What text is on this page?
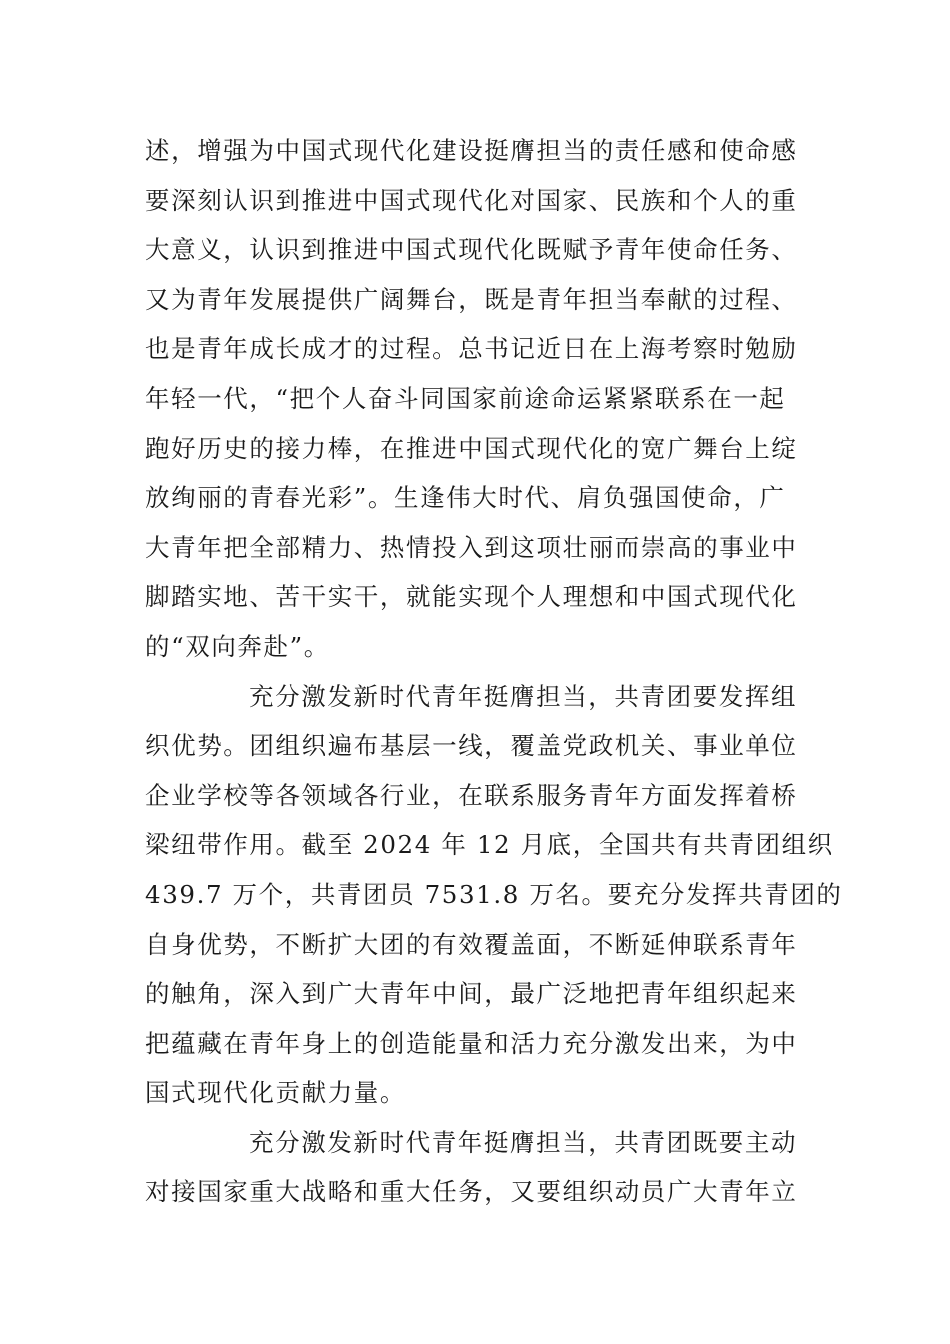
述，增强为中国式现代化建设挺膺担当的责任感和使命感
要深刻认识到推进中国式现代化对国家、民族和个人的重
大意义，认识到推进中国式现代化既赋予青年使命任务、
又为青年发展提供广阔舞台，既是青年担当奉献的过程、
也是青年成长成才的过程。总书记近日在上海考察时勉励
年轻一代，“把个人奋斗同国家前途命运紧紧联系在一起
跑好历史的接力棒，在推进中国式现代化的宽广舞台上绽
放绚丽的青春光彩”。生逢伟大时代、肩负强国使命，广
大青年把全部精力、热情投入到这项壮丽而崇高的事业中
脚踏实地、苦干实干，就能实现个人理想和中国式现代化
的“双向奔赴”。
充分激发新时代青年挺膺担当，共青团要发挥组
织优势。团组织遍布基层一线，覆盖党政机关、事业单位
企业学校等各领域各行业，在联系服务青年方面发挥着桥
梁纽带作用。截至 2024 年 12 月底，全国共有共青团组织
439.7 万个，共青团员 7531.8 万名。要充分发挥共青团的
自身优势，不断扩大团的有效覆盖面，不断延伸联系青年
的触角，深入到广大青年中间，最广泛地把青年组织起来
把蕴藏在青年身上的创造能量和活力充分激发出来，为中
国式现代化贡献力量。
充分激发新时代青年挺膺担当，共青团既要主动
对接国家重大战略和重大任务，又要组织动员广大青年立
